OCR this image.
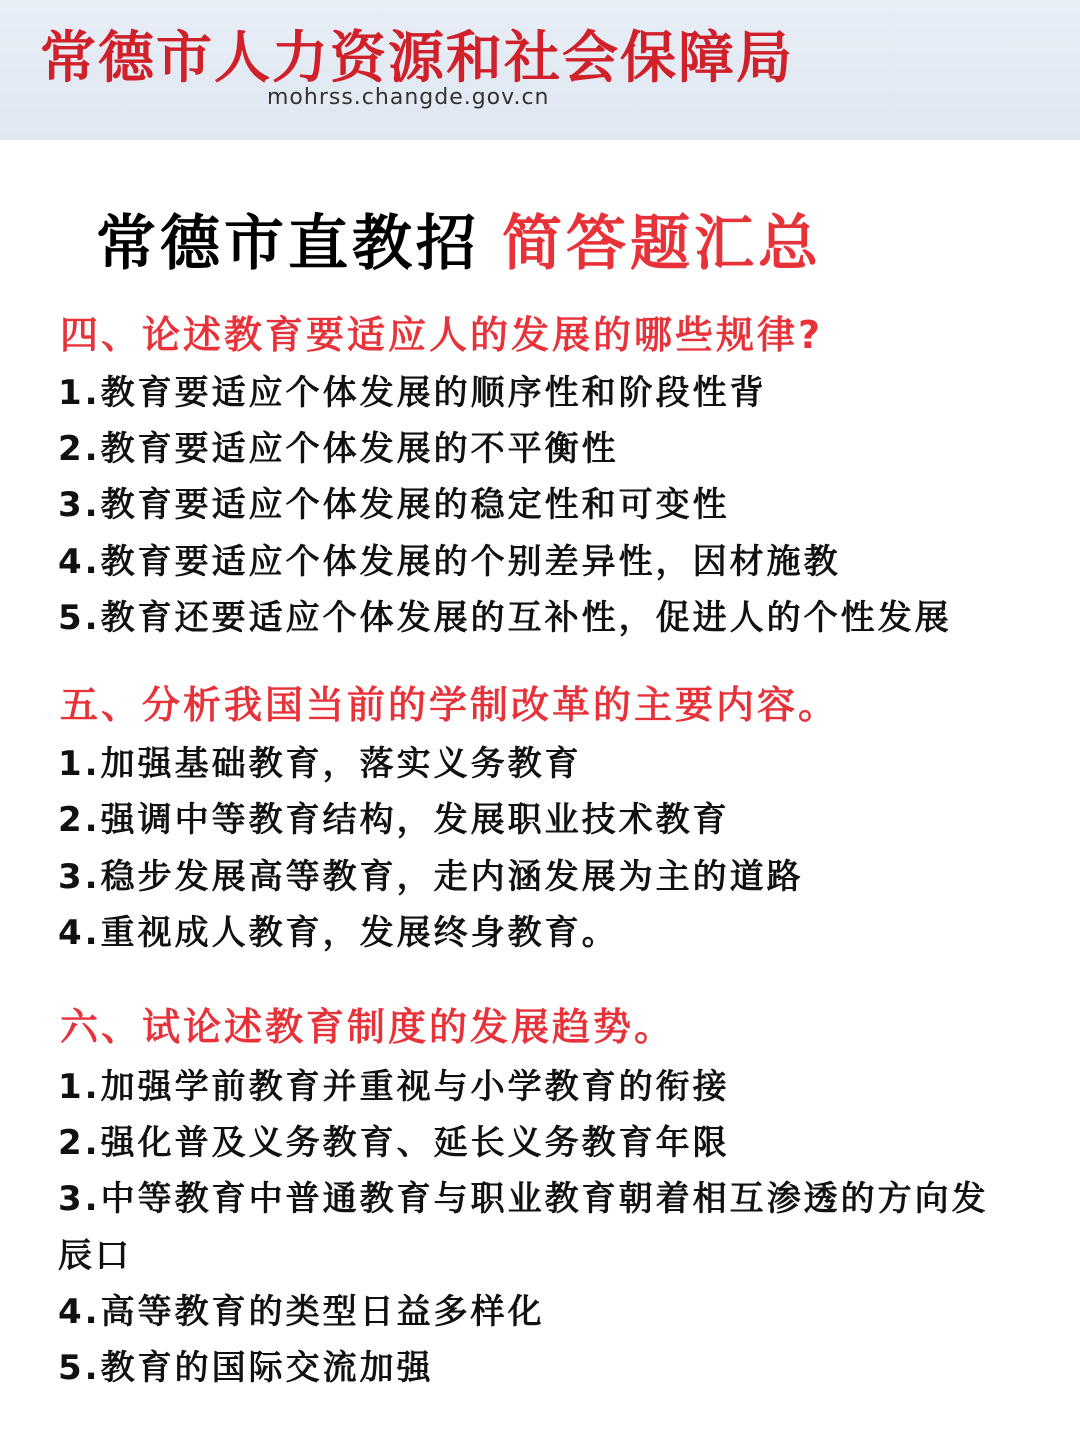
常德市人力资源和社会保障局
mohrss.changde.gov.cn
常德市直教招 简答题汇总
四、论述教育要适应人的发展的哪些规律?
1.教育要适应个体发展的顺序性和阶段性背
2.教育要适应个体发展的不平衡性
3.教育要适应个体发展的稳定性和可变性
4.教育要适应个体发展的个别差异性，因材施教
5.教育还要适应个体发展的互补性，促进人的个性发展
五、分析我国当前的学制改革的主要内容。
1.加强基础教育，落实义务教育
2.强调中等教育结构，发展职业技术教育
3.稳步发展高等教育，走内涵发展为主的道路
4.重视成人教育，发展终身教育。
六、试论述教育制度的发展趋势。
1.加强学前教育并重视与小学教育的衔接
2.强化普及义务教育、延长义务教育年限
3.中等教育中普通教育与职业教育朝着相互渗透的方向发
辰口
4.高等教育的类型日益多样化
5.教育的国际交流加强
